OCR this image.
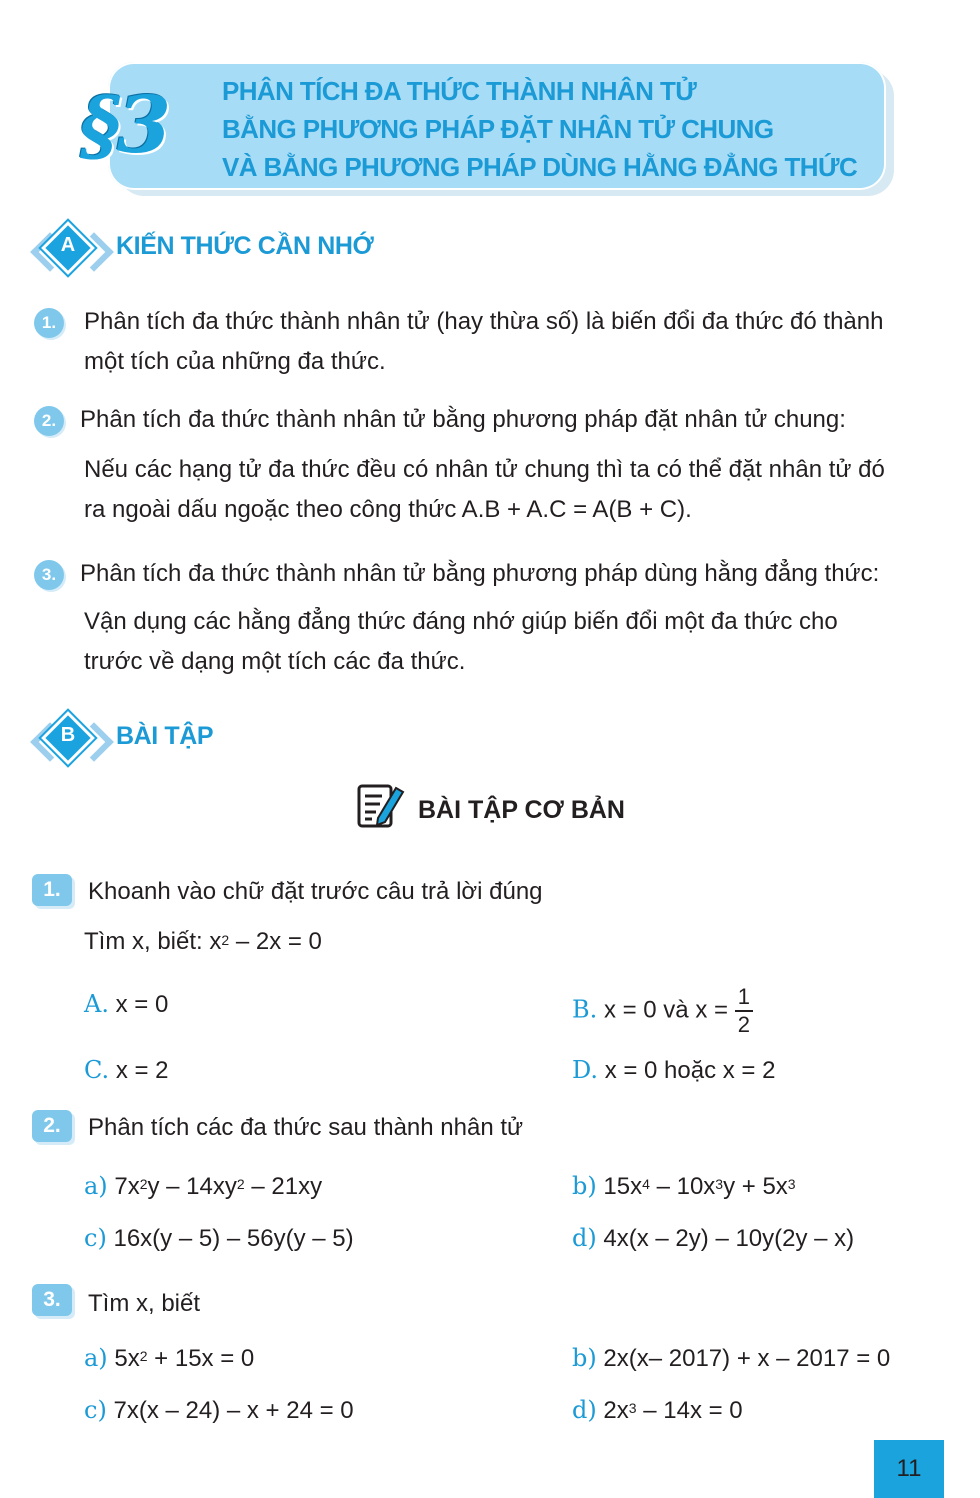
§3 PHÂN TÍCH ĐA THỨC THÀNH NHÂN TỬ
BẰNG PHƯƠNG PHÁP ĐẶT NHÂN TỬ CHUNG
VÀ BẰNG PHƯƠNG PHÁP DÙNG HẰNG ĐẲNG THỨC
A	KIẾN THỨC CẦN NHỚ
1.	Phân tích đa thức thành nhân tử (hay thừa số) là biến đổi đa thức đó thành
một tích của những đa thức.
2. Phân tích đa thức thành nhân tử bằng phương pháp đặt nhân tử chung:
Nếu các hạng tử đa thức đều có nhân tử chung thì ta có thể đặt nhân tử đó
ra ngoài dấu ngoặc theo công thức A.B + A.C = A(B + C).
3. Phân tích đa thức thành nhân tử bằng phương pháp dùng hằng đẳng thức:
Vận dụng các hằng đẳng thức đáng nhớ giúp biến đổi một đa thức cho
trước về dạng một tích các đa thức.
B	BÀI TẬP
BÀI TẬP CƠ BẢN
1.	Khoanh vào chữ đặt trước câu trả lời đúng
Tìm x, biết: $x^2 - 2x = 0$
A. x = 0	B. x = 0 và $x = \frac{1}{2}$
C. x = 2	D. x = 0 hoặc x = 2
2.	Phân tích các đa thức sau thành nhân tử
a) $7x^2y - 14xy^2 - 21xy$	b) $15x^4 - 10x^3y + 5x^3$
c) 16x(y – 5) – 56y(y – 5)	d) 4x(x – 2y) – 10y(2y – x)
3.	Tìm x, biết
a) $5x^2 + 15x = 0$	b) 2x(x– 2017) + x – 2017 = 0
c) 7x(x – 24) – x + 24 = 0	d) $2x^3 - 14x = 0$
11
